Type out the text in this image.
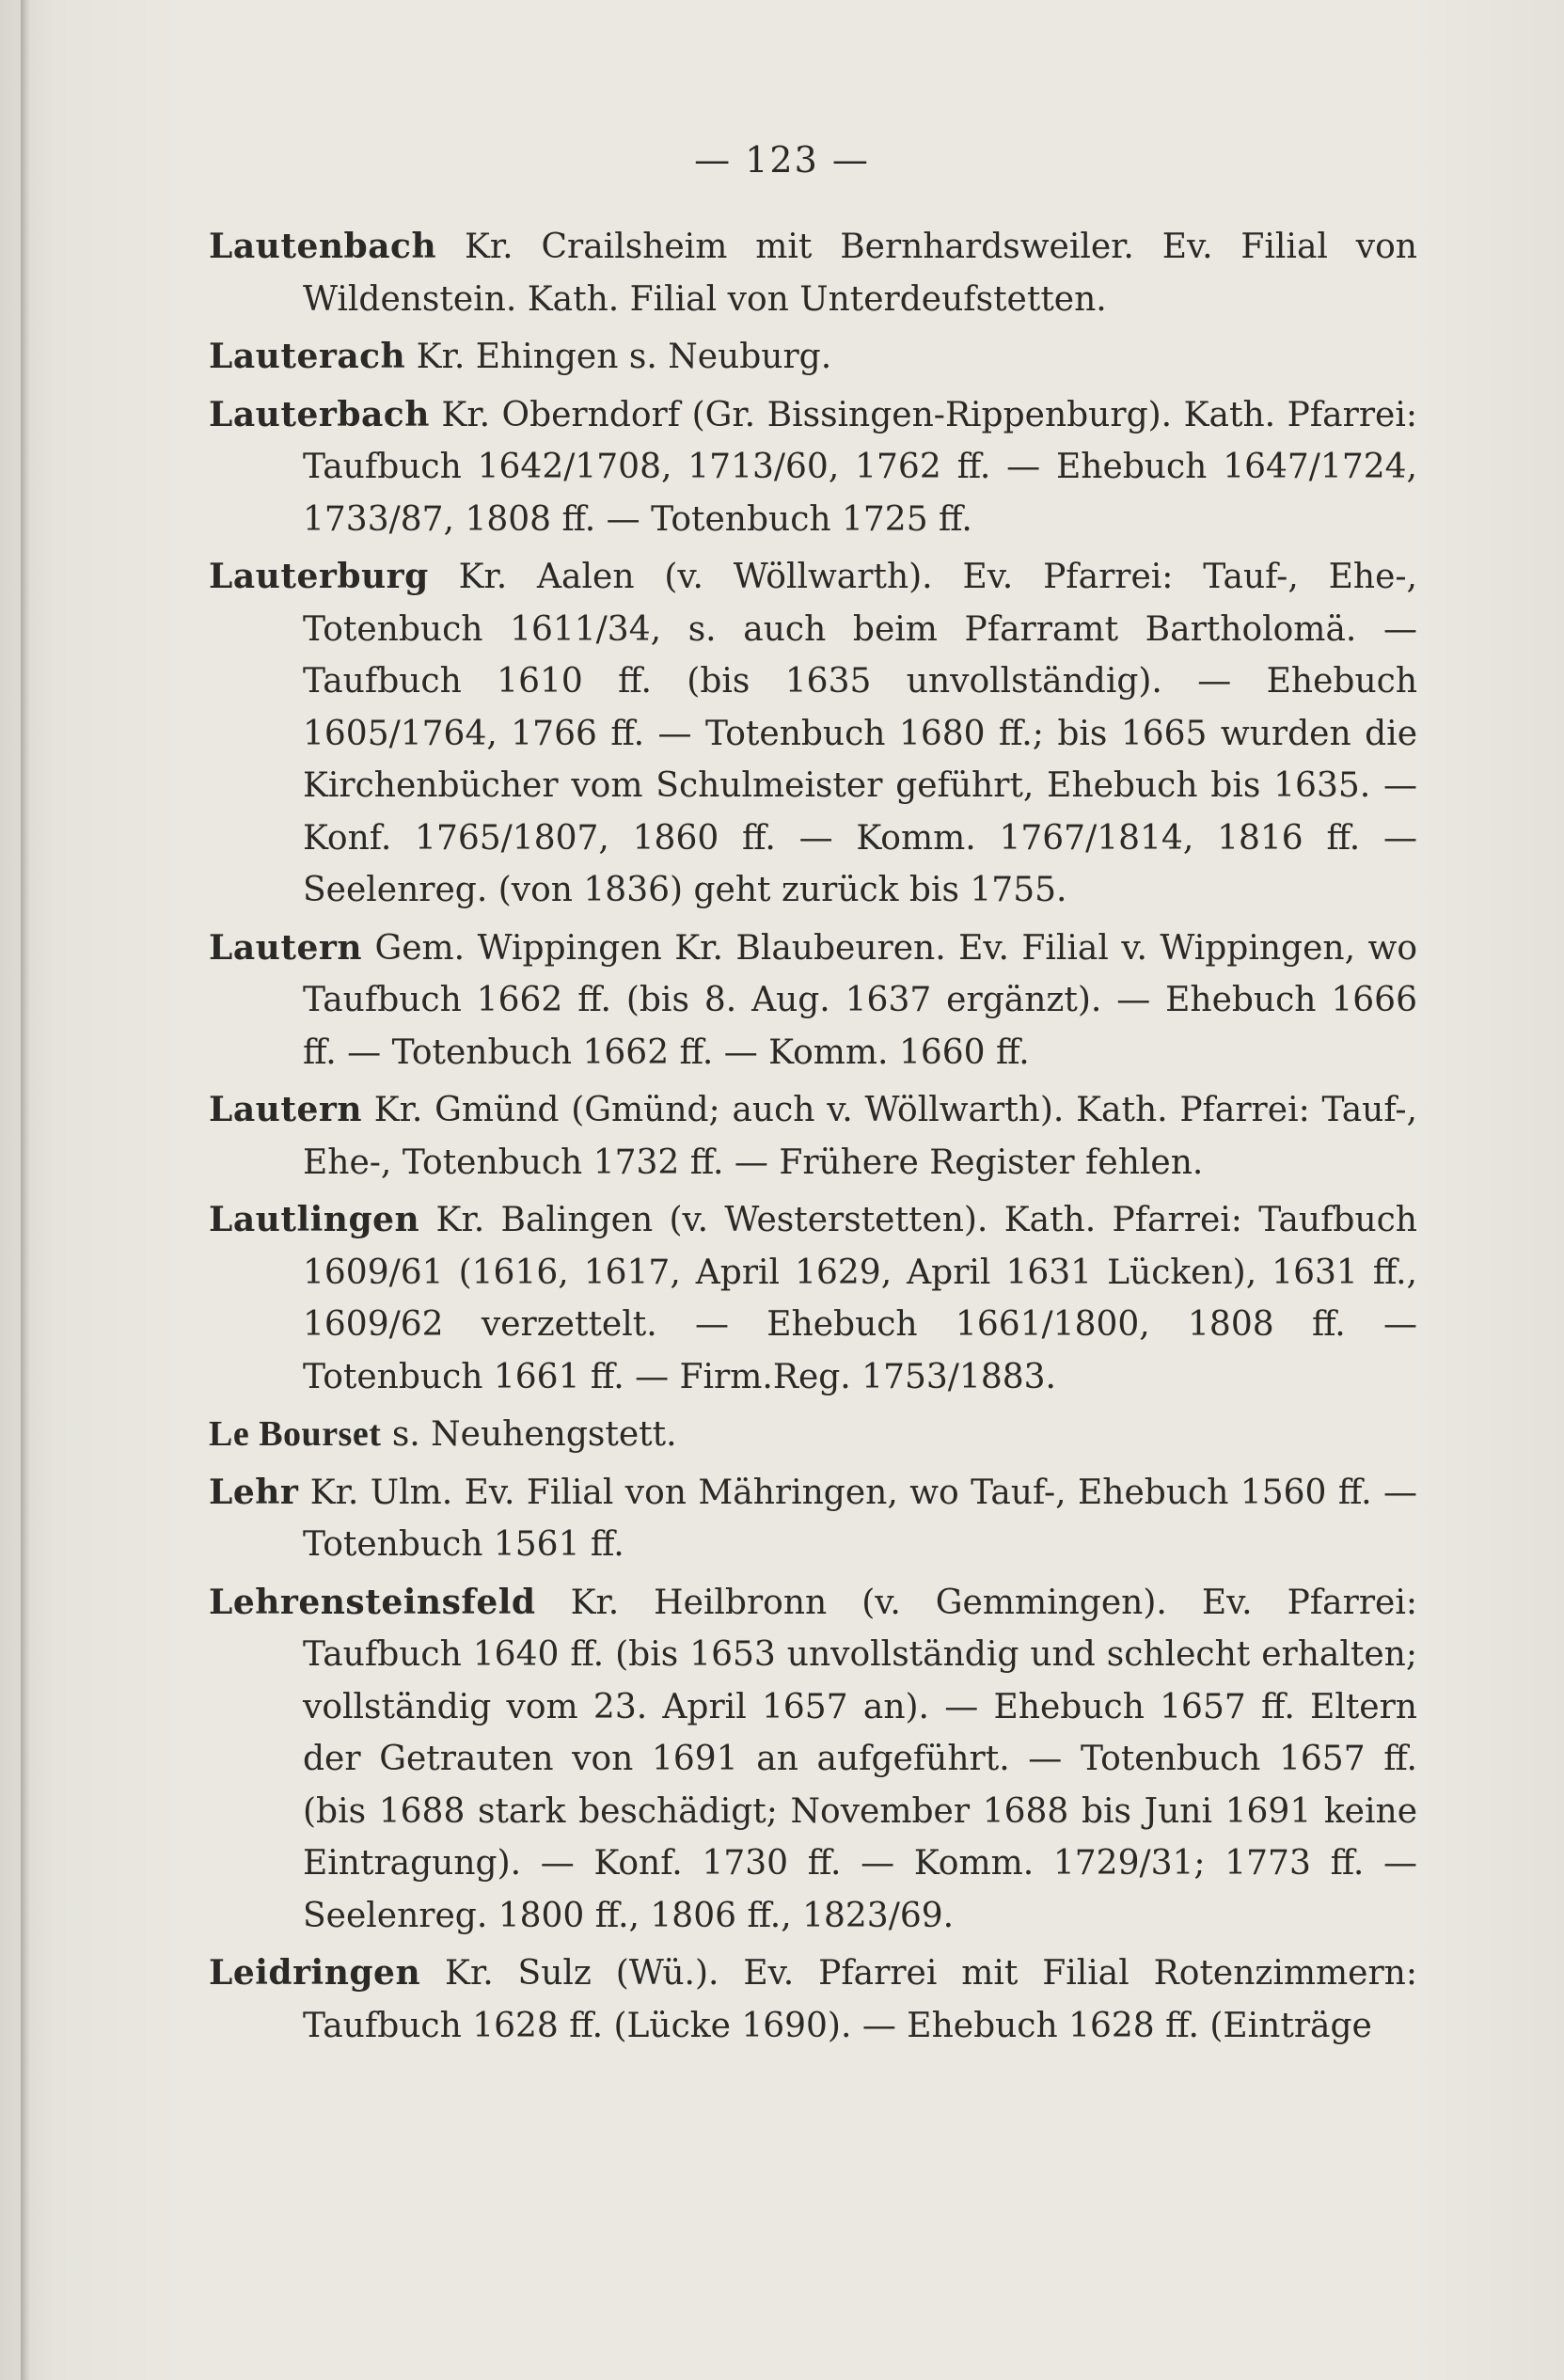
— 123 —

Lautenbach Kr. Crailsheim mit Bernhardsweiler. Ev. Filial von Wildenstein. Kath. Filial von Unterdeufstetten.

Lauterach Kr. Ehingen s. Neuburg.

Lauterbach Kr. Oberndorf (Gr. Bissingen-Rippenburg). Kath. Pfarrei: Taufbuch 1642/1708, 1713/60, 1762 ff. — Ehebuch 1647/1724, 1733/87, 1808 ff. — Totenbuch 1725 ff.

Lauterburg Kr. Aalen (v. Wöllwarth). Ev. Pfarrei: Tauf-, Ehe-, Totenbuch 1611/34, s. auch beim Pfarramt Bartholomä. — Taufbuch 1610 ff. (bis 1635 unvollständig). — Ehebuch 1605/1764, 1766 ff. — Totenbuch 1680 ff.; bis 1665 wurden die Kirchenbücher vom Schulmeister geführt, Ehebuch bis 1635. — Konf. 1765/1807, 1860 ff. — Komm. 1767/1814, 1816 ff. — Seelenreg. (von 1836) geht zurück bis 1755.

Lautern Gem. Wippingen Kr. Blaubeuren. Ev. Filial v. Wippingen, wo Taufbuch 1662 ff. (bis 8. Aug. 1637 ergänzt). — Ehebuch 1666 ff. — Totenbuch 1662 ff. — Komm. 1660 ff.

Lautern Kr. Gmünd (Gmünd; auch v. Wöllwarth). Kath. Pfarrei: Tauf-, Ehe-, Totenbuch 1732 ff. — Frühere Register fehlen.

Lautlingen Kr. Balingen (v. Westerstetten). Kath. Pfarrei: Taufbuch 1609/61 (1616, 1617, April 1629, April 1631 Lücken), 1631 ff., 1609/62 verzettelt. — Ehebuch 1661/1800, 1808 ff. — Totenbuch 1661 ff. — Firm.Reg. 1753/1883.

Le Bourset s. Neuhengstett.

Lehr Kr. Ulm. Ev. Filial von Mähringen, wo Tauf-, Ehebuch 1560 ff. — Totenbuch 1561 ff.

Lehrensteinsfeld Kr. Heilbronn (v. Gemmingen). Ev. Pfarrei: Taufbuch 1640 ff. (bis 1653 unvollständig und schlecht erhalten; vollständig vom 23. April 1657 an). — Ehebuch 1657 ff. Eltern der Getrauten von 1691 an aufgeführt. — Totenbuch 1657 ff. (bis 1688 stark beschädigt; November 1688 bis Juni 1691 keine Eintragung). — Konf. 1730 ff. — Komm. 1729/31; 1773 ff. — Seelenreg. 1800 ff., 1806 ff., 1823/69.

Leidringen Kr. Sulz (Wü.). Ev. Pfarrei mit Filial Rotenzimmern: Taufbuch 1628 ff. (Lücke 1690). — Ehebuch 1628 ff. (Einträge
